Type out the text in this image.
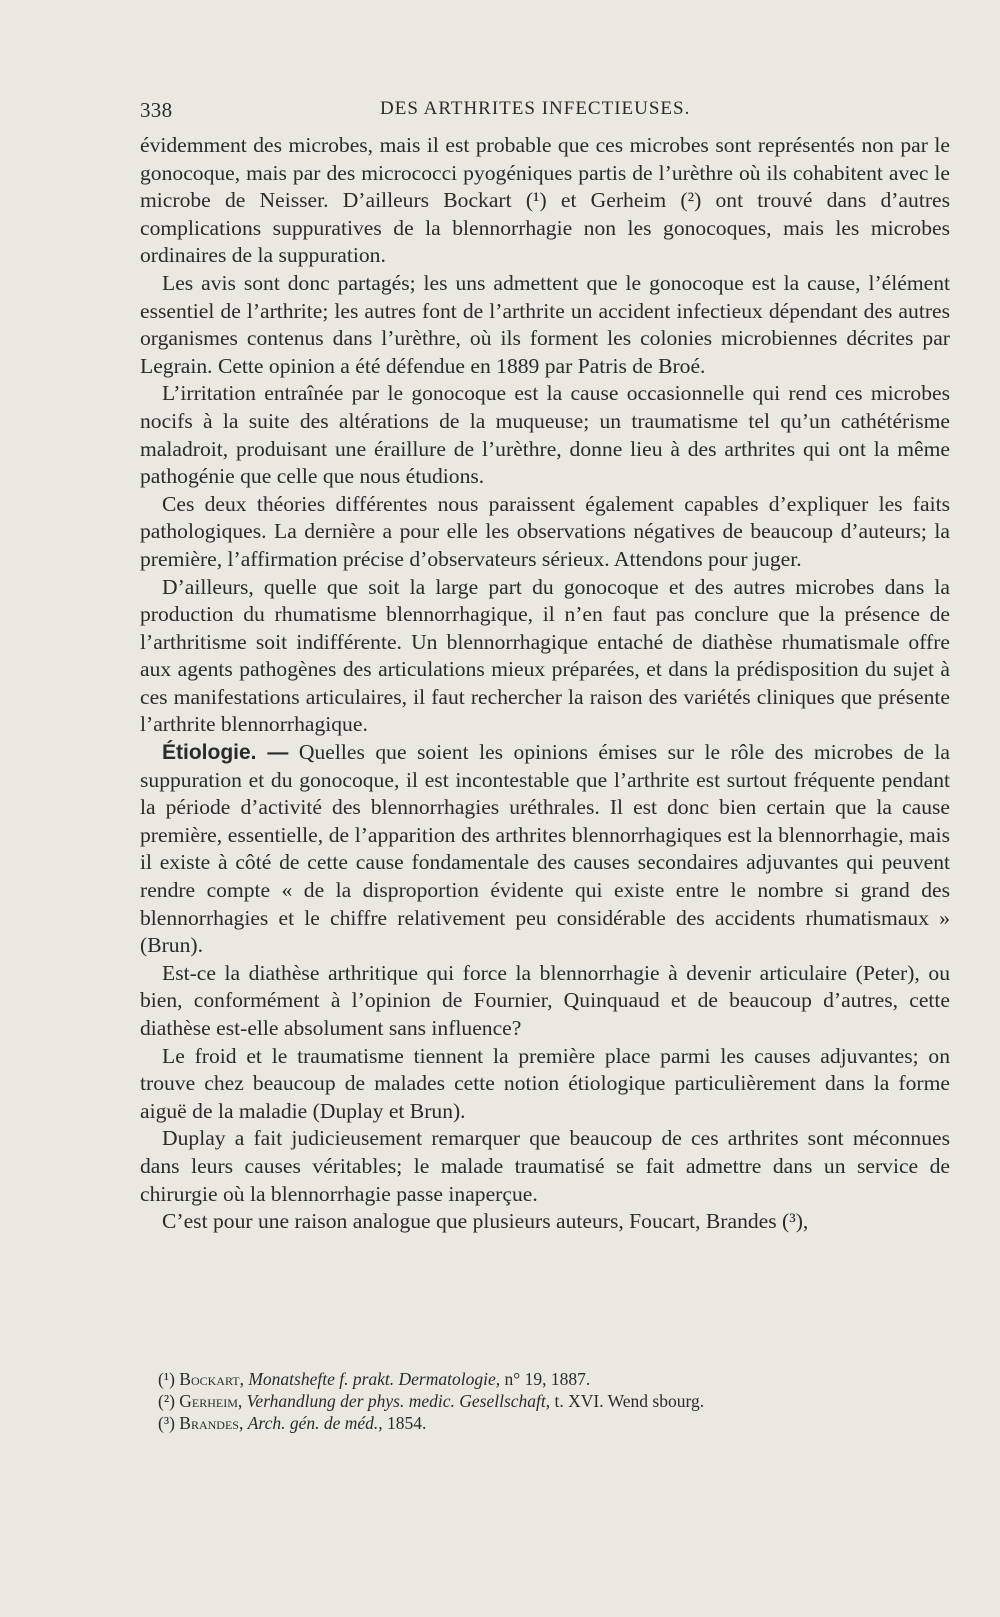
338	DES ARTHRITES INFECTIEUSES.

évidemment des microbes, mais il est probable que ces microbes sont représentés non par le gonocoque, mais par des micrococci pyogéniques partis de l’urèthre où ils cohabitent avec le microbe de Neisser. D’ailleurs Bockart (¹) et Gerheim (²) ont trouvé dans d’autres complications suppuratives de la blennorrhagie non les gonocoques, mais les microbes ordinaires de la suppuration.

Les avis sont donc partagés; les uns admettent que le gonocoque est la cause, l’élément essentiel de l’arthrite; les autres font de l’arthrite un accident infectieux dépendant des autres organismes contenus dans l’urèthre, où ils forment les colonies microbiennes décrites par Legrain. Cette opinion a été défendue en 1889 par Patris de Broé.

L’irritation entraînée par le gonocoque est la cause occasionnelle qui rend ces microbes nocifs à la suite des altérations de la muqueuse; un traumatisme tel qu’un cathétérisme maladroit, produisant une éraillure de l’urèthre, donne lieu à des arthrites qui ont la même pathogénie que celle que nous étudions.

Ces deux théories différentes nous paraissent également capables d’expliquer les faits pathologiques. La dernière a pour elle les observations négatives de beaucoup d’auteurs; la première, l’affirmation précise d’observateurs sérieux. Attendons pour juger.

D’ailleurs, quelle que soit la large part du gonocoque et des autres microbes dans la production du rhumatisme blennorrhagique, il n’en faut pas conclure que la présence de l’arthritisme soit indifférente. Un blennorrhagique entaché de diathèse rhumatismale offre aux agents pathogènes des articulations mieux préparées, et dans la prédisposition du sujet à ces manifestations articulaires, il faut rechercher la raison des variétés cliniques que présente l’arthrite blennorrhagique.

Étiologie. — Quelles que soient les opinions émises sur le rôle des microbes de la suppuration et du gonocoque, il est incontestable que l’arthrite est surtout fréquente pendant la période d’activité des blennorrhagies uréthrales. Il est donc bien certain que la cause première, essentielle, de l’apparition des arthrites blennorrhagiques est la blennorrhagie, mais il existe à côté de cette cause fondamentale des causes secondaires adjuvantes qui peuvent rendre compte « de la disproportion évidente qui existe entre le nombre si grand des blennorrhagies et le chiffre relativement peu considérable des accidents rhumatismaux » (Brun).

Est-ce la diathèse arthritique qui force la blennorrhagie à devenir articulaire (Peter), ou bien, conformément à l’opinion de Fournier, Quinquaud et de beaucoup d’autres, cette diathèse est-elle absolument sans influence?

Le froid et le traumatisme tiennent la première place parmi les causes adjuvantes; on trouve chez beaucoup de malades cette notion étiologique particulièrement dans la forme aiguë de la maladie (Duplay et Brun).

Duplay a fait judicieusement remarquer que beaucoup de ces arthrites sont méconnues dans leurs causes véritables; le malade traumatisé se fait admettre dans un service de chirurgie où la blennorrhagie passe inaperçue.

C’est pour une raison analogue que plusieurs auteurs, Foucart, Brandes (³),

(¹) Bockart, Monatshefte f. prakt. Dermatologie, n° 19, 1887.
(²) Gerheim, Verhandlung der phys. medic. Gesellschaft, t. XVI. Wend sbourg.
(³) Brandes, Arch. gén. de méd., 1854.
